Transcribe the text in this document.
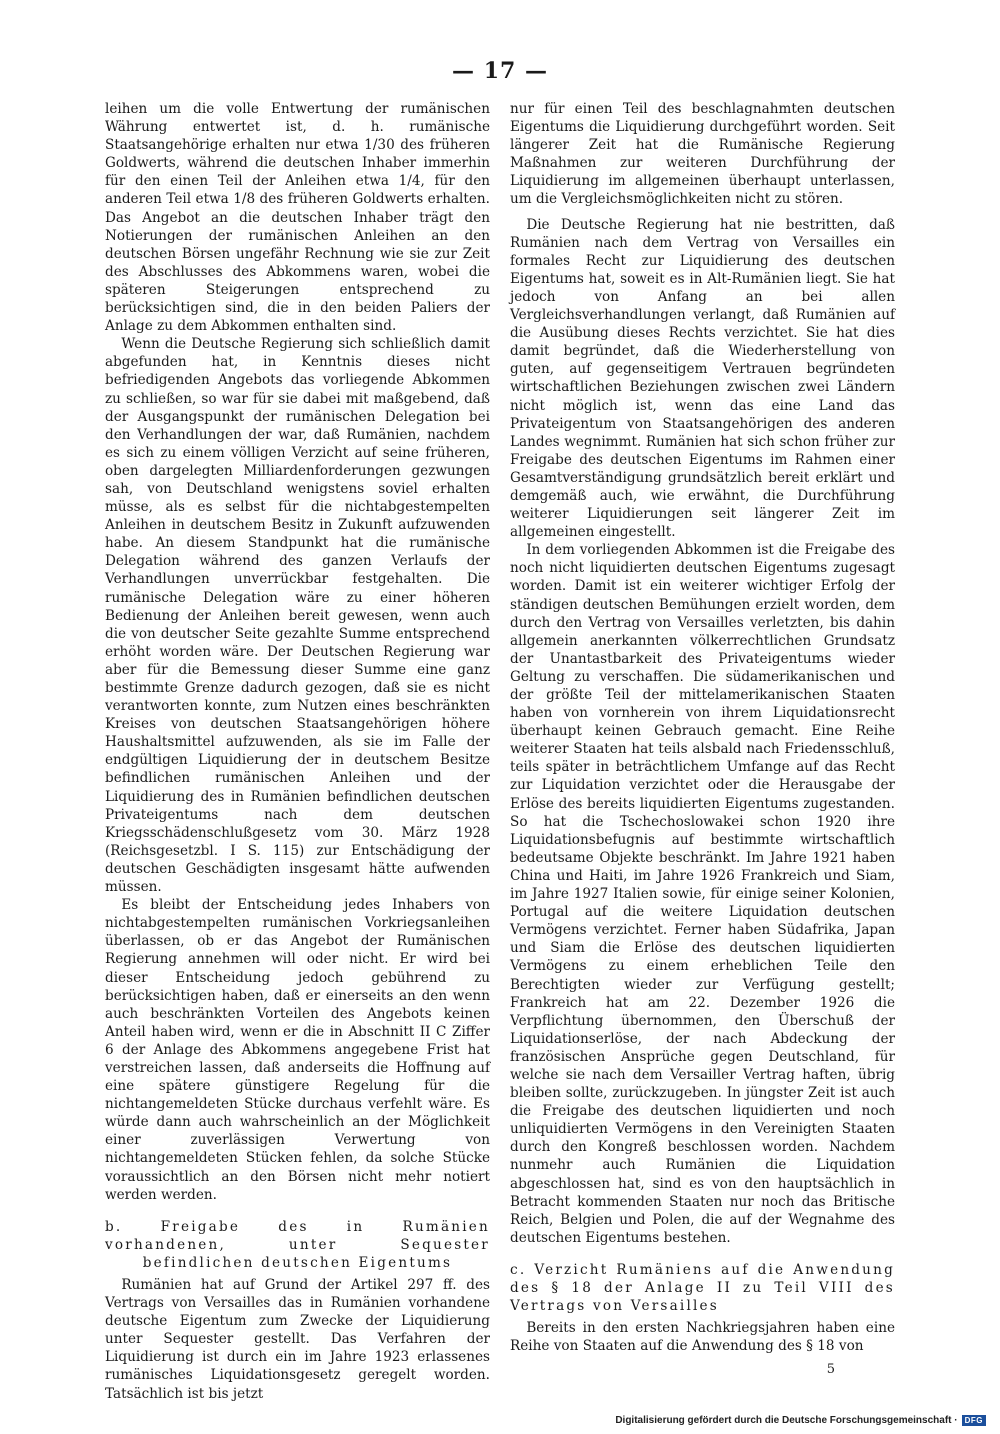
— 17 —

leihen um die volle Entwertung der rumänischen Währung entwertet ist, d. h. rumänische Staatsangehörige erhalten nur etwa 1/30 des früheren Goldwerts, während die deutschen Inhaber immerhin für den einen Teil der Anleihen etwa 1/4, für den anderen Teil etwa 1/8 des früheren Goldwerts erhalten. Das Angebot an die deutschen Inhaber trägt den Notierungen der rumänischen Anleihen an den deutschen Börsen ungefähr Rechnung wie sie zur Zeit des Abschlusses des Abkommens waren, wobei die späteren Steigerungen entsprechend zu berücksichtigen sind, die in den beiden Paliers der Anlage zu dem Abkommen enthalten sind.

Wenn die Deutsche Regierung sich schließlich damit abgefunden hat, in Kenntnis dieses nicht befriedigenden Angebots das vorliegende Abkommen zu schließen, so war für sie dabei mit maßgebend, daß der Ausgangspunkt der rumänischen Delegation bei den Verhandlungen der war, daß Rumänien, nachdem es sich zu einem völligen Verzicht auf seine früheren, oben dargelegten Milliardenforderungen gezwungen sah, von Deutschland wenigstens soviel erhalten müsse, als es selbst für die nichtabgestempelten Anleihen in deutschem Besitz in Zukunft aufzuwenden habe. An diesem Standpunkt hat die rumänische Delegation während des ganzen Verlaufs der Verhandlungen unverrückbar festgehalten. Die rumänische Delegation wäre zu einer höheren Bedienung der Anleihen bereit gewesen, wenn auch die von deutscher Seite gezahlte Summe entsprechend erhöht worden wäre. Der Deutschen Regierung war aber für die Bemessung dieser Summe eine ganz bestimmte Grenze dadurch gezogen, daß sie es nicht verantworten konnte, zum Nutzen eines beschränkten Kreises von deutschen Staatsangehörigen höhere Haushaltsmittel aufzuwenden, als sie im Falle der endgültigen Liquidierung der in deutschem Besitze befindlichen rumänischen Anleihen und der Liquidierung des in Rumänien befindlichen deutschen Privateigentums nach dem deutschen Kriegsschädenschlußgesetz vom 30. März 1928 (Reichsgesetzbl. I S. 115) zur Entschädigung der deutschen Geschädigten insgesamt hätte aufwenden müssen.

Es bleibt der Entscheidung jedes Inhabers von nichtabgestempelten rumänischen Vorkriegsanleihen überlassen, ob er das Angebot der Rumänischen Regierung annehmen will oder nicht. Er wird bei dieser Entscheidung jedoch gebührend zu berücksichtigen haben, daß er einerseits an den wenn auch beschränkten Vorteilen des Angebots keinen Anteil haben wird, wenn er die in Abschnitt II C Ziffer 6 der Anlage des Abkommens angegebene Frist hat verstreichen lassen, daß anderseits die Hoffnung auf eine spätere günstigere Regelung für die nichtangemeldeten Stücke durchaus verfehlt wäre. Es würde dann auch wahrscheinlich an der Möglichkeit einer zuverlässigen Verwertung von nichtangemeldeten Stücken fehlen, da solche Stücke voraussichtlich an den Börsen nicht mehr notiert werden werden.

b. Freigabe des in Rumänien vorhandenen, unter Sequester befindlichen deutschen Eigentums

Rumänien hat auf Grund der Artikel 297 ff. des Vertrags von Versailles das in Rumänien vorhandene deutsche Eigentum zum Zwecke der Liquidierung unter Sequester gestellt. Das Verfahren der Liquidierung ist durch ein im Jahre 1923 erlassenes rumänisches Liquidationsgesetz geregelt worden. Tatsächlich ist bis jetzt

nur für einen Teil des beschlagnahmten deutschen Eigentums die Liquidierung durchgeführt worden. Seit längerer Zeit hat die Rumänische Regierung Maßnahmen zur weiteren Durchführung der Liquidierung im allgemeinen überhaupt unterlassen, um die Vergleichsmöglichkeiten nicht zu stören.

Die Deutsche Regierung hat nie bestritten, daß Rumänien nach dem Vertrag von Versailles ein formales Recht zur Liquidierung des deutschen Eigentums hat, soweit es in Alt-Rumänien liegt. Sie hat jedoch von Anfang an bei allen Vergleichsverhandlungen verlangt, daß Rumänien auf die Ausübung dieses Rechts verzichtet. Sie hat dies damit begründet, daß die Wiederherstellung von guten, auf gegenseitigem Vertrauen begründeten wirtschaftlichen Beziehungen zwischen zwei Ländern nicht möglich ist, wenn das eine Land das Privateigentum von Staatsangehörigen des anderen Landes wegnimmt. Rumänien hat sich schon früher zur Freigabe des deutschen Eigentums im Rahmen einer Gesamtverständigung grundsätzlich bereit erklärt und demgemäß auch, wie erwähnt, die Durchführung weiterer Liquidierungen seit längerer Zeit im allgemeinen eingestellt.

In dem vorliegenden Abkommen ist die Freigabe des noch nicht liquidierten deutschen Eigentums zugesagt worden. Damit ist ein weiterer wichtiger Erfolg der ständigen deutschen Bemühungen erzielt worden, dem durch den Vertrag von Versailles verletzten, bis dahin allgemein anerkannten völkerrechtlichen Grundsatz der Unantastbarkeit des Privateigentums wieder Geltung zu verschaffen. Die südamerikanischen und der größte Teil der mittelamerikanischen Staaten haben von vornherein von ihrem Liquidationsrecht überhaupt keinen Gebrauch gemacht. Eine Reihe weiterer Staaten hat teils alsbald nach Friedensschluß, teils später in beträchtlichem Umfange auf das Recht zur Liquidation verzichtet oder die Herausgabe der Erlöse des bereits liquidierten Eigentums zugestanden. So hat die Tschechoslowakei schon 1920 ihre Liquidationsbefugnis auf bestimmte wirtschaftlich bedeutsame Objekte beschränkt. Im Jahre 1921 haben China und Haiti, im Jahre 1926 Frankreich und Siam, im Jahre 1927 Italien sowie, für einige seiner Kolonien, Portugal auf die weitere Liquidation deutschen Vermögens verzichtet. Ferner haben Südafrika, Japan und Siam die Erlöse des deutschen liquidierten Vermögens zu einem erheblichen Teile den Berechtigten wieder zur Verfügung gestellt; Frankreich hat am 22. Dezember 1926 die Verpflichtung übernommen, den Überschuß der Liquidationserlöse, der nach Abdeckung der französischen Ansprüche gegen Deutschland, für welche sie nach dem Versailler Vertrag haften, übrig bleiben sollte, zurückzugeben. In jüngster Zeit ist auch die Freigabe des deutschen liquidierten und noch unliquidierten Vermögens in den Vereinigten Staaten durch den Kongreß beschlossen worden. Nachdem nunmehr auch Rumänien die Liquidation abgeschlossen hat, sind es von den hauptsächlich in Betracht kommenden Staaten nur noch das Britische Reich, Belgien und Polen, die auf der Wegnahme des deutschen Eigentums bestehen.

c. Verzicht Rumäniens auf die Anwendung des § 18 der Anlage II zu Teil VIII des Vertrags von Versailles

Bereits in den ersten Nachkriegsjahren haben eine Reihe von Staaten auf die Anwendung des § 18 von

5
Digitalisierung gefördert durch die Deutsche Forschungsgemeinschaft · DFG
